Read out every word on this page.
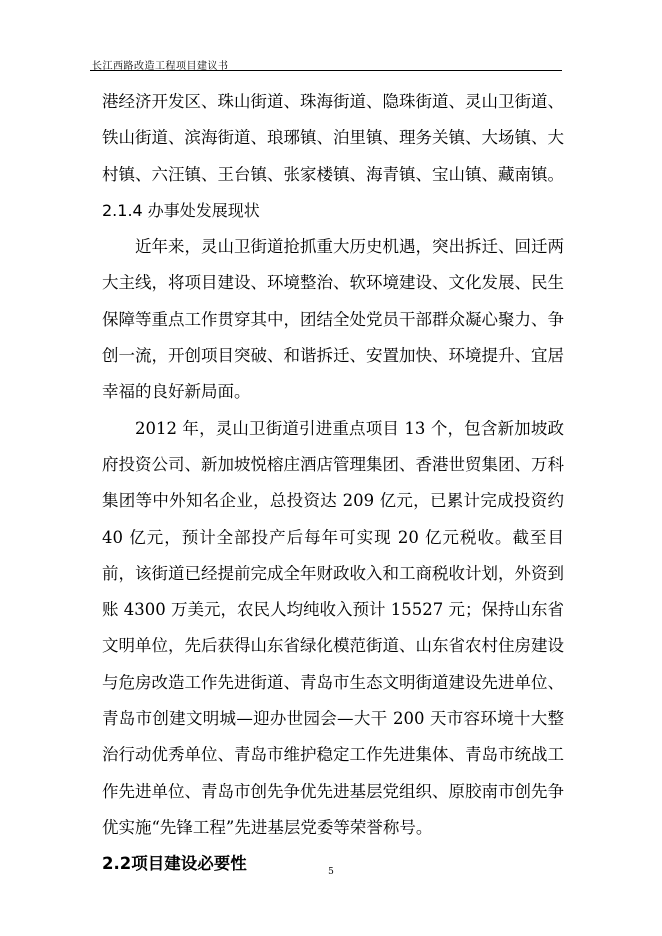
长江西路改造工程项目建议书

港经济开发区、珠山街道、珠海街道、隐珠街道、灵山卫街道、铁山街道、滨海街道、琅琊镇、泊里镇、理务关镇、大场镇、大村镇、六汪镇、王台镇、张家楼镇、海青镇、宝山镇、藏南镇。

2.1.4 办事处发展现状

近年来，灵山卫街道抢抓重大历史机遇，突出拆迁、回迁两大主线，将项目建设、环境整治、软环境建设、文化发展、民生保障等重点工作贯穿其中，团结全处党员干部群众凝心聚力、争创一流，开创项目突破、和谐拆迁、安置加快、环境提升、宜居幸福的良好新局面。

2012 年，灵山卫街道引进重点项目 13 个，包含新加坡政府投资公司、新加坡悦榕庄酒店管理集团、香港世贸集团、万科集团等中外知名企业，总投资达 209 亿元，已累计完成投资约 40 亿元，预计全部投产后每年可实现 20 亿元税收。截至目前，该街道已经提前完成全年财政收入和工商税收计划，外资到账 4300 万美元，农民人均纯收入预计 15527 元；保持山东省文明单位，先后获得山东省绿化模范街道、山东省农村住房建设与危房改造工作先进街道、青岛市生态文明街道建设先进单位、青岛市创建文明城—迎办世园会—大干 200 天市容环境十大整治行动优秀单位、青岛市维护稳定工作先进集体、青岛市统战工作先进单位、青岛市创先争优先进基层党组织、原胶南市创先争优实施“先锋工程”先进基层党委等荣誉称号。

2.2项目建设必要性	5
